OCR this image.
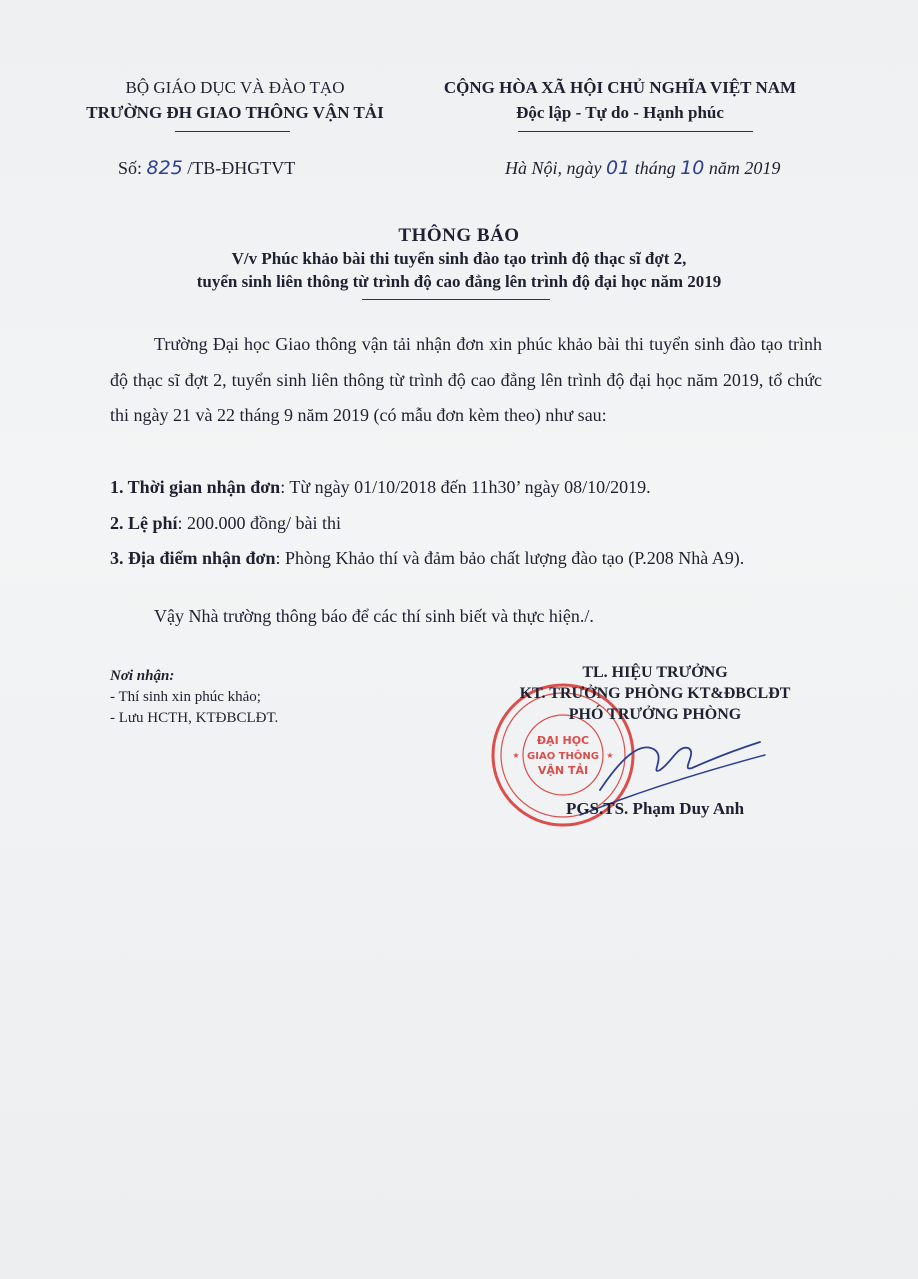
BỘ GIÁO DỤC VÀ ĐÀO TẠO
TRƯỜNG ĐH GIAO THÔNG VẬN TẢI
CỘNG HÒA XÃ HỘI CHỦ NGHĨA VIỆT NAM
Độc lập - Tự do - Hạnh phúc
Số: 825 /TB-ĐHGTVT	Hà Nội, ngày 01 tháng 10 năm 2019
THÔNG BÁO
V/v Phúc khảo bài thi tuyển sinh đào tạo trình độ thạc sĩ đợt 2,
tuyển sinh liên thông từ trình độ cao đẳng lên trình độ đại học năm 2019
Trường Đại học Giao thông vận tải nhận đơn xin phúc khảo bài thi tuyển sinh đào tạo trình độ thạc sĩ đợt 2, tuyển sinh liên thông từ trình độ cao đẳng lên trình độ đại học năm 2019, tổ chức thi ngày 21 và 22 tháng 9 năm 2019 (có mẫu đơn kèm theo) như sau:
1. Thời gian nhận đơn: Từ ngày 01/10/2018 đến 11h30’ ngày 08/10/2019.
2. Lệ phí: 200.000 đồng/ bài thi
3. Địa điểm nhận đơn: Phòng Khảo thí và đảm bảo chất lượng đào tạo (P.208 Nhà A9).
Vậy Nhà trường thông báo để các thí sinh biết và thực hiện./.
Nơi nhận:
- Thí sinh xin phúc khảo;
- Lưu HCTH, KTĐBCLĐT.
ĐẠI HỌC
GIAO THÔNG
VẬN TẢI
★	★
TL. HIỆU TRƯỞNG
KT. TRƯỞNG PHÒNG KT&ĐBCLĐT
PHÓ TRƯỞNG PHÒNG
PGS.TS. Phạm Duy Anh
